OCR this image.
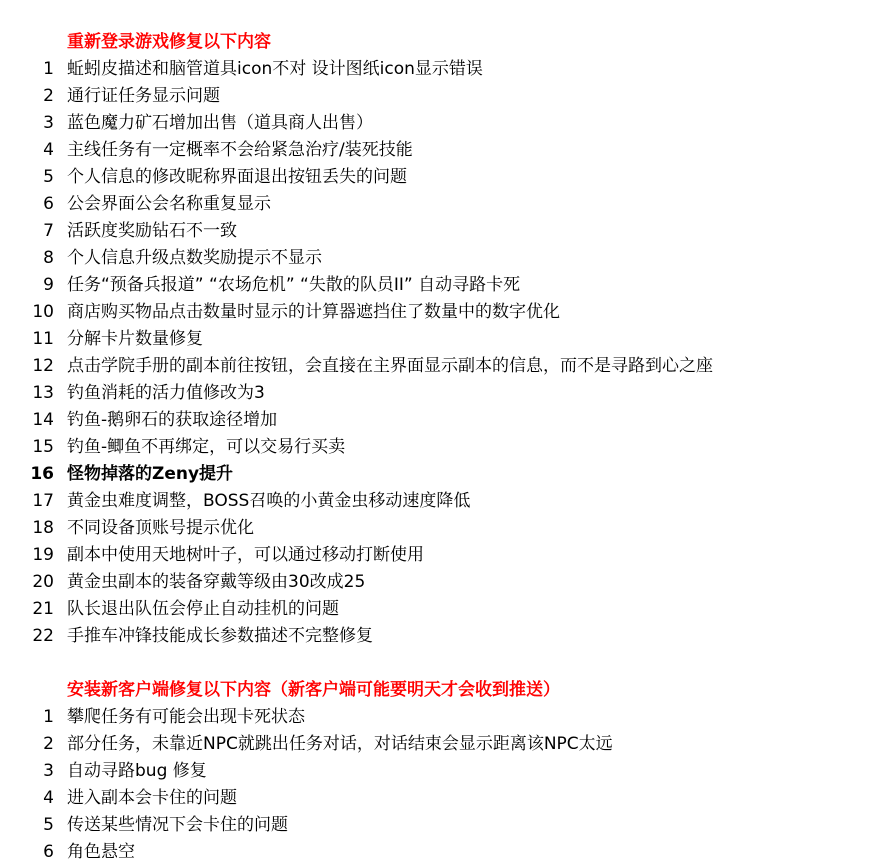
重新登录游戏修复以下内容
1 蚯蚓皮描述和脑管道具icon不对 设计图纸icon显示错误
2 通行证任务显示问题
3 蓝色魔力矿石增加出售（道具商人出售）
4 主线任务有一定概率不会给紧急治疗/装死技能
5 个人信息的修改昵称界面退出按钮丢失的问题
6 公会界面公会名称重复显示
7 活跃度奖励钻石不一致
8 个人信息升级点数奖励提示不显示
9 任务“预备兵报道” “农场危机” “失散的队员II” 自动寻路卡死
10 商店购买物品点击数量时显示的计算器遮挡住了数量中的数字优化
11 分解卡片数量修复
12 点击学院手册的副本前往按钮，会直接在主界面显示副本的信息，而不是寻路到心之座
13 钓鱼消耗的活力值修改为3
14 钓鱼-鹅卵石的获取途径增加
15 钓鱼-鲫鱼不再绑定，可以交易行买卖
16 怪物掉落的Zeny提升
17 黄金虫难度调整，BOSS召唤的小黄金虫移动速度降低
18 不同设备顶账号提示优化
19 副本中使用天地树叶子，可以通过移动打断使用
20 黄金虫副本的装备穿戴等级由30改成25
21 队长退出队伍会停止自动挂机的问题
22 手推车冲锋技能成长参数描述不完整修复
安装新客户端修复以下内容（新客户端可能要明天才会收到推送）
1 攀爬任务有可能会出现卡死状态
2 部分任务，未靠近NPC就跳出任务对话，对话结束会显示距离该NPC太远
3 自动寻路bug 修复
4 进入副本会卡住的问题
5 传送某些情况下会卡住的问题
6 角色悬空
